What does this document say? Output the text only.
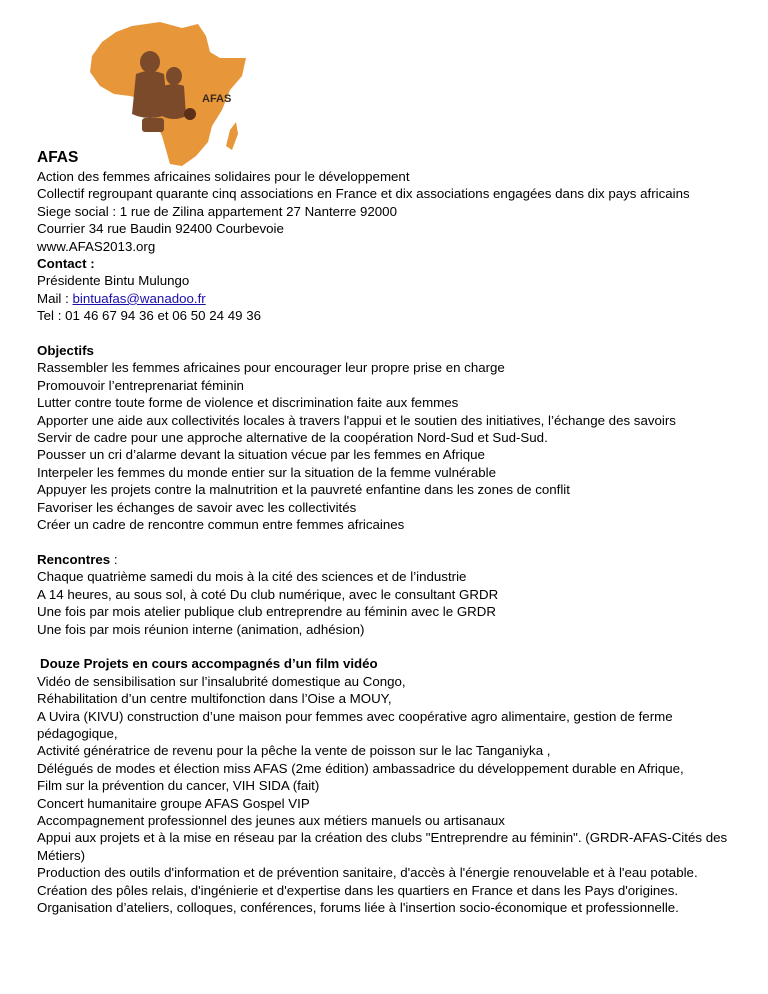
AFAS
AFAS
Action des femmes africaines solidaires pour le développement
Collectif regroupant quarante cinq associations en France et dix associations engagées dans dix pays africains
Siege social : 1 rue de Zilina appartement 27 Nanterre 92000
Courrier 34 rue Baudin 92400 Courbevoie
www.AFAS2013.org
Contact :
Présidente Bintu Mulungo
Mail : bintuafas@wanadoo.fr
Tel : 01 46 67 94 36 et 06 50 24 49 36
Objectifs
Rassembler les femmes africaines pour encourager leur propre prise en charge
Promouvoir l’entreprenariat féminin
Lutter contre toute forme de violence et discrimination faite aux femmes
Apporter une aide aux collectivités locales à travers l'appui et le soutien des initiatives, l’échange des savoirs
Servir de cadre pour une approche alternative de la coopération Nord-Sud et Sud-Sud.
Pousser un cri d’alarme devant la situation vécue par les femmes en Afrique
Interpeler les femmes du monde entier sur la situation de la femme vulnérable
Appuyer les projets contre la malnutrition et la pauvreté enfantine dans les zones de conflit
Favoriser les échanges de savoir avec les collectivités
Créer un cadre de rencontre commun entre femmes africaines
Rencontres :
Chaque quatrième samedi du mois à la cité des sciences et de l’industrie
A 14 heures, au sous sol, à coté Du club numérique, avec le consultant GRDR
Une fois par mois atelier publique club entreprendre au féminin avec le GRDR
Une fois par mois réunion interne (animation, adhésion)
Douze Projets en cours accompagnés d’un film vidéo
Vidéo de sensibilisation sur l’insalubrité domestique au Congo,
Réhabilitation d’un centre multifonction dans l’Oise a MOUY,
A Uvira (KIVU) construction d’une maison pour femmes avec coopérative agro alimentaire, gestion de ferme pédagogique,
Activité génératrice de revenu pour la pêche la vente de poisson sur le lac Tanganiyka ,
Délégués de modes et élection miss AFAS (2me édition) ambassadrice du développement durable en Afrique,
Film sur la prévention du cancer, VIH SIDA (fait)
Concert humanitaire groupe AFAS Gospel VIP
Accompagnement professionnel des jeunes aux métiers manuels ou artisanaux
Appui aux projets et à la mise en réseau par la création des clubs "Entreprendre au féminin". (GRDR-AFAS-Cités des Métiers)
Production des outils d'information et de prévention sanitaire, d'accès à l'énergie renouvelable et à l'eau potable.
Création des pôles relais, d'ingénierie et d'expertise dans les quartiers en France et dans les Pays d'origines.
Organisation d’ateliers, colloques, conférences, forums liée à l'insertion socio-économique et professionnelle.
